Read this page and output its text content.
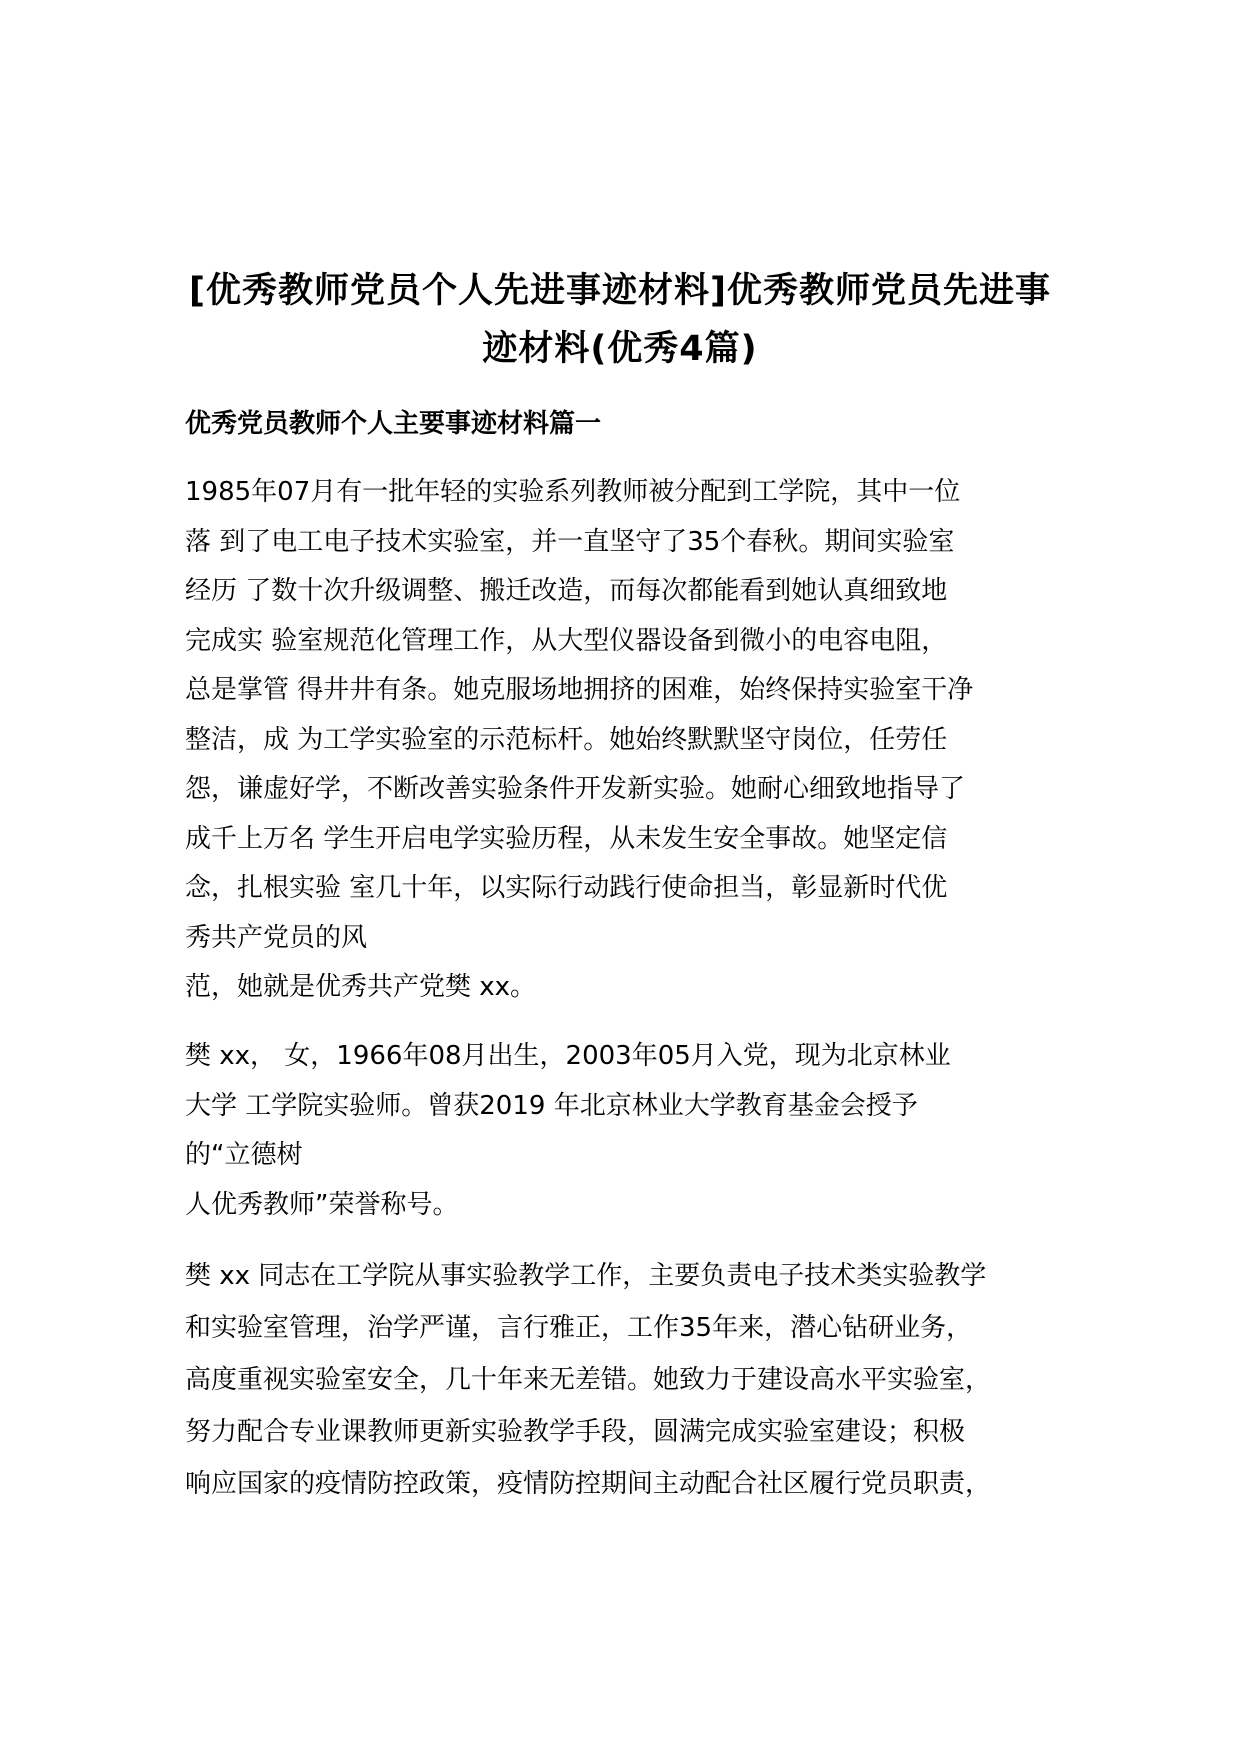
[优秀教师党员个人先进事迹材料]优秀教师党员先进事
迹材料(优秀4篇)
优秀党员教师个人主要事迹材料篇一
1985年07月有一批年轻的实验系列教师被分配到工学院，其中一位
落 到了电工电子技术实验室，并一直坚守了35个春秋。期间实验室
经历 了数十次升级调整、搬迁改造，而每次都能看到她认真细致地
完成实 验室规范化管理工作，从大型仪器设备到微小的电容电阻，
总是掌管 得井井有条。她克服场地拥挤的困难，始终保持实验室干净
整洁，成 为工学实验室的示范标杆。她始终默默坚守岗位，任劳任
怨，谦虚好学，不断改善实验条件开发新实验。她耐心细致地指导了
成千上万名 学生开启电学实验历程，从未发生安全事故。她坚定信
念，扎根实验 室几十年，以实际行动践行使命担当，彰显新时代优
秀共产党员的风
范，她就是优秀共产党樊 xx。
樊 xx， 女，1966年08月出生，2003年05月入党，现为北京林业
大学 工学院实验师。曾获2019 年北京林业大学教育基金会授予
的“立德树
人优秀教师”荣誉称号。
樊 xx 同志在工学院从事实验教学工作，主要负责电子技术类实验教学
和实验室管理，治学严谨，言行雅正，工作35年来，潜心钻研业务，
高度重视实验室安全，几十年来无差错。她致力于建设高水平实验室，
努力配合专业课教师更新实验教学手段，圆满完成实验室建设；积极
响应国家的疫情防控政策，疫情防控期间主动配合社区履行党员职责，
